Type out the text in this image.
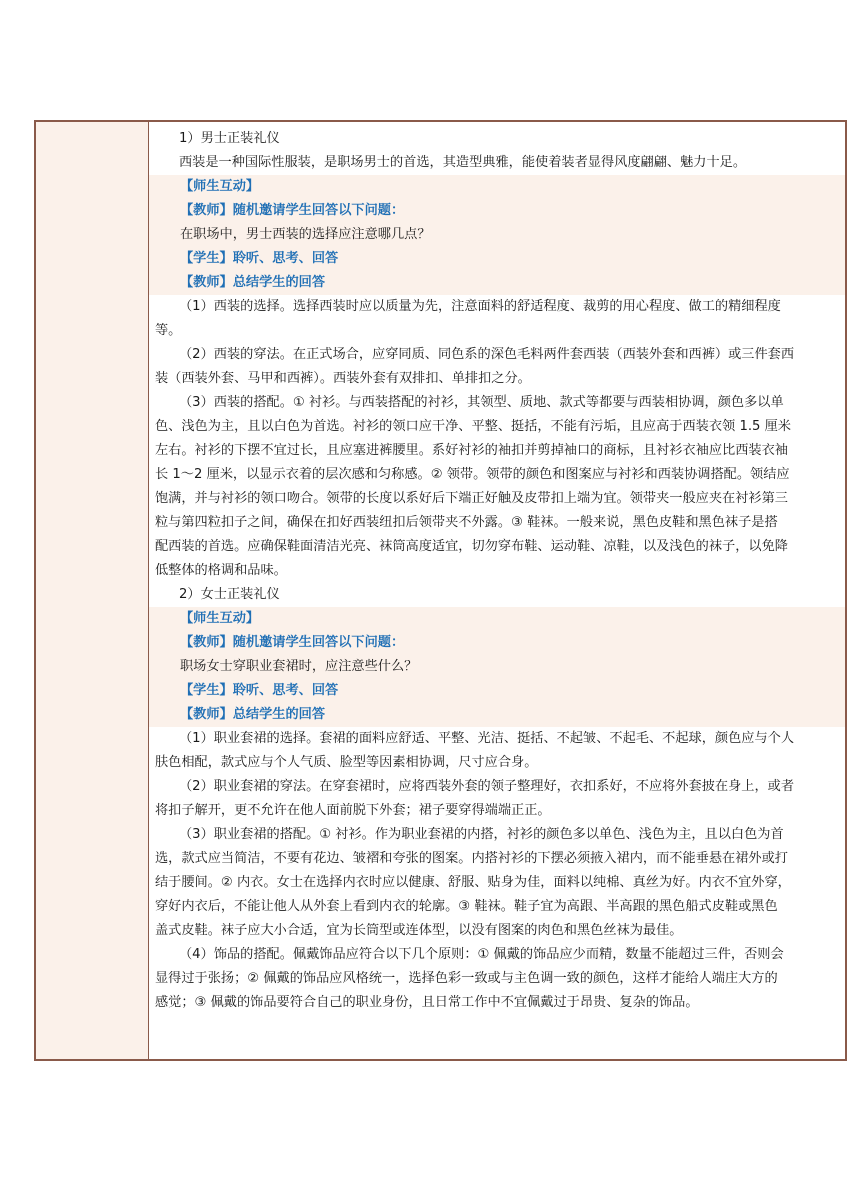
1）男士正装礼仪
西装是一种国际性服装，是职场男士的首选，其造型典雅，能使着装者显得风度翩翩、魅力十足。
【师生互动】
【教师】随机邀请学生回答以下问题：
在职场中，男士西装的选择应注意哪几点？
【学生】聆听、思考、回答
【教师】总结学生的回答
（1）西装的选择。选择西装时应以质量为先，注意面料的舒适程度、裁剪的用心程度、做工的精细程度
等。
（2）西装的穿法。在正式场合，应穿同质、同色系的深色毛料两件套西装（西装外套和西裤）或三件套西
装（西装外套、马甲和西裤）。西装外套有双排扣、单排扣之分。
（3）西装的搭配。① 衬衫。与西装搭配的衬衫，其领型、质地、款式等都要与西装相协调，颜色多以单
色、浅色为主，且以白色为首选。衬衫的领口应干净、平整、挺括，不能有污垢，且应高于西装衣领 1.5 厘米
左右。衬衫的下摆不宜过长，且应塞进裤腰里。系好衬衫的袖扣并剪掉袖口的商标，且衬衫衣袖应比西装衣袖
长 1～2 厘米，以显示衣着的层次感和匀称感。② 领带。领带的颜色和图案应与衬衫和西装协调搭配。领结应
饱满，并与衬衫的领口吻合。领带的长度以系好后下端正好触及皮带扣上端为宜。领带夹一般应夹在衬衫第三
粒与第四粒扣子之间，确保在扣好西装纽扣后领带夹不外露。③ 鞋袜。一般来说，黑色皮鞋和黑色袜子是搭
配西装的首选。应确保鞋面清洁光亮、袜筒高度适宜，切勿穿布鞋、运动鞋、凉鞋，以及浅色的袜子，以免降
低整体的格调和品味。
2）女士正装礼仪
【师生互动】
【教师】随机邀请学生回答以下问题：
职场女士穿职业套裙时，应注意些什么？
【学生】聆听、思考、回答
【教师】总结学生的回答
（1）职业套裙的选择。套裙的面料应舒适、平整、光洁、挺括、不起皱、不起毛、不起球，颜色应与个人
肤色相配，款式应与个人气质、脸型等因素相协调，尺寸应合身。
（2）职业套裙的穿法。在穿套裙时，应将西装外套的领子整理好，衣扣系好，不应将外套披在身上，或者
将扣子解开，更不允许在他人面前脱下外套；裙子要穿得端端正正。
（3）职业套裙的搭配。① 衬衫。作为职业套裙的内搭，衬衫的颜色多以单色、浅色为主，且以白色为首
选，款式应当简洁，不要有花边、皱褶和夸张的图案。内搭衬衫的下摆必须掖入裙内，而不能垂悬在裙外或打
结于腰间。② 内衣。女士在选择内衣时应以健康、舒服、贴身为佳，面料以纯棉、真丝为好。内衣不宜外穿，
穿好内衣后，不能让他人从外套上看到内衣的轮廓。③ 鞋袜。鞋子宜为高跟、半高跟的黑色船式皮鞋或黑色
盖式皮鞋。袜子应大小合适，宜为长筒型或连体型，以没有图案的肉色和黑色丝袜为最佳。
（4）饰品的搭配。佩戴饰品应符合以下几个原则：① 佩戴的饰品应少而精，数量不能超过三件，否则会
显得过于张扬；② 佩戴的饰品应风格统一，选择色彩一致或与主色调一致的颜色，这样才能给人端庄大方的
感觉；③ 佩戴的饰品要符合自己的职业身份，且日常工作中不宜佩戴过于昂贵、复杂的饰品。
